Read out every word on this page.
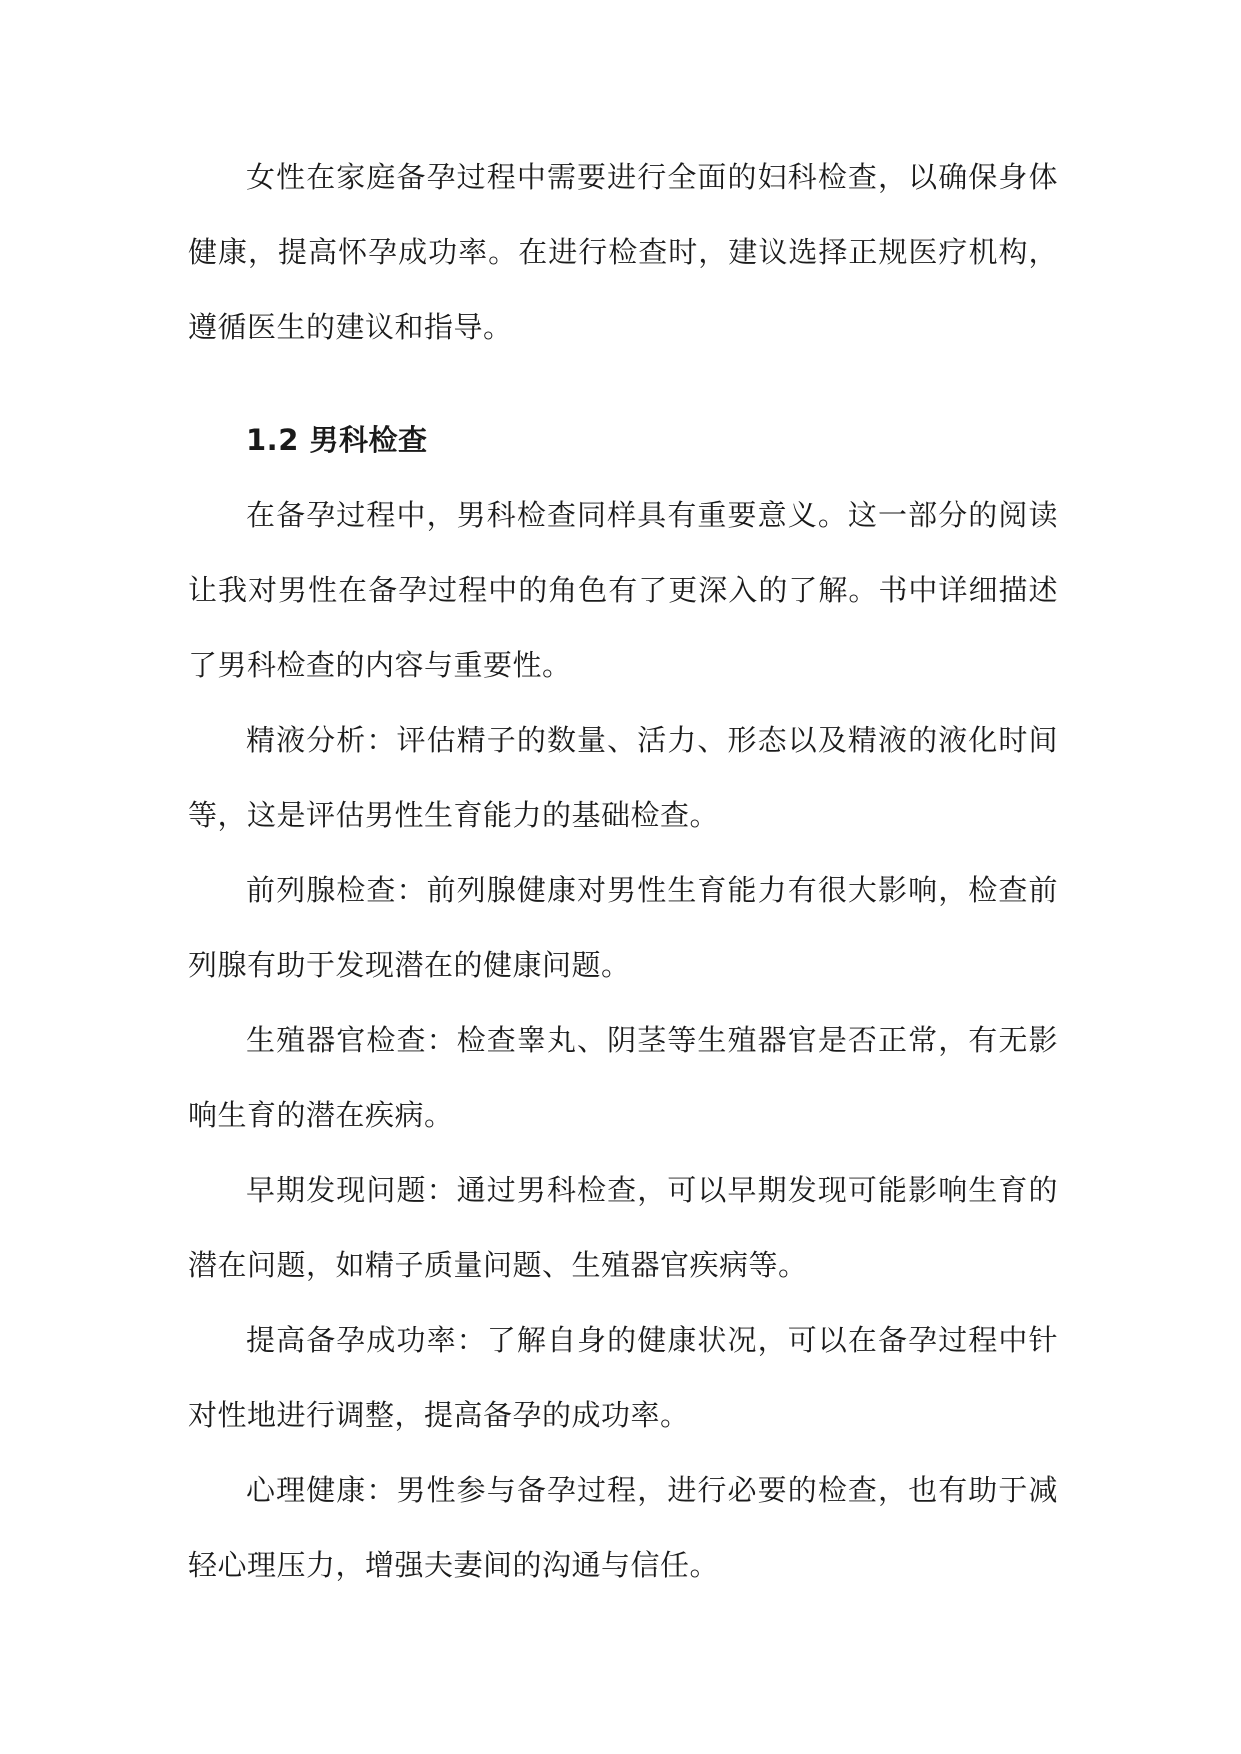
女性在家庭备孕过程中需要进行全面的妇科检查，以确保身体健康，提高怀孕成功率。在进行检查时，建议选择正规医疗机构，遵循医生的建议和指导。

1.2 男科检查

在备孕过程中，男科检查同样具有重要意义。这一部分的阅读让我对男性在备孕过程中的角色有了更深入的了解。书中详细描述了男科检查的内容与重要性。

精液分析：评估精子的数量、活力、形态以及精液的液化时间等，这是评估男性生育能力的基础检查。

前列腺检查：前列腺健康对男性生育能力有很大影响，检查前列腺有助于发现潜在的健康问题。

生殖器官检查：检查睾丸、阴茎等生殖器官是否正常，有无影响生育的潜在疾病。

早期发现问题：通过男科检查，可以早期发现可能影响生育的潜在问题，如精子质量问题、生殖器官疾病等。

提高备孕成功率：了解自身的健康状况，可以在备孕过程中针对性地进行调整，提高备孕的成功率。

心理健康：男性参与备孕过程，进行必要的检查，也有助于减轻心理压力，增强夫妻间的沟通与信任。
